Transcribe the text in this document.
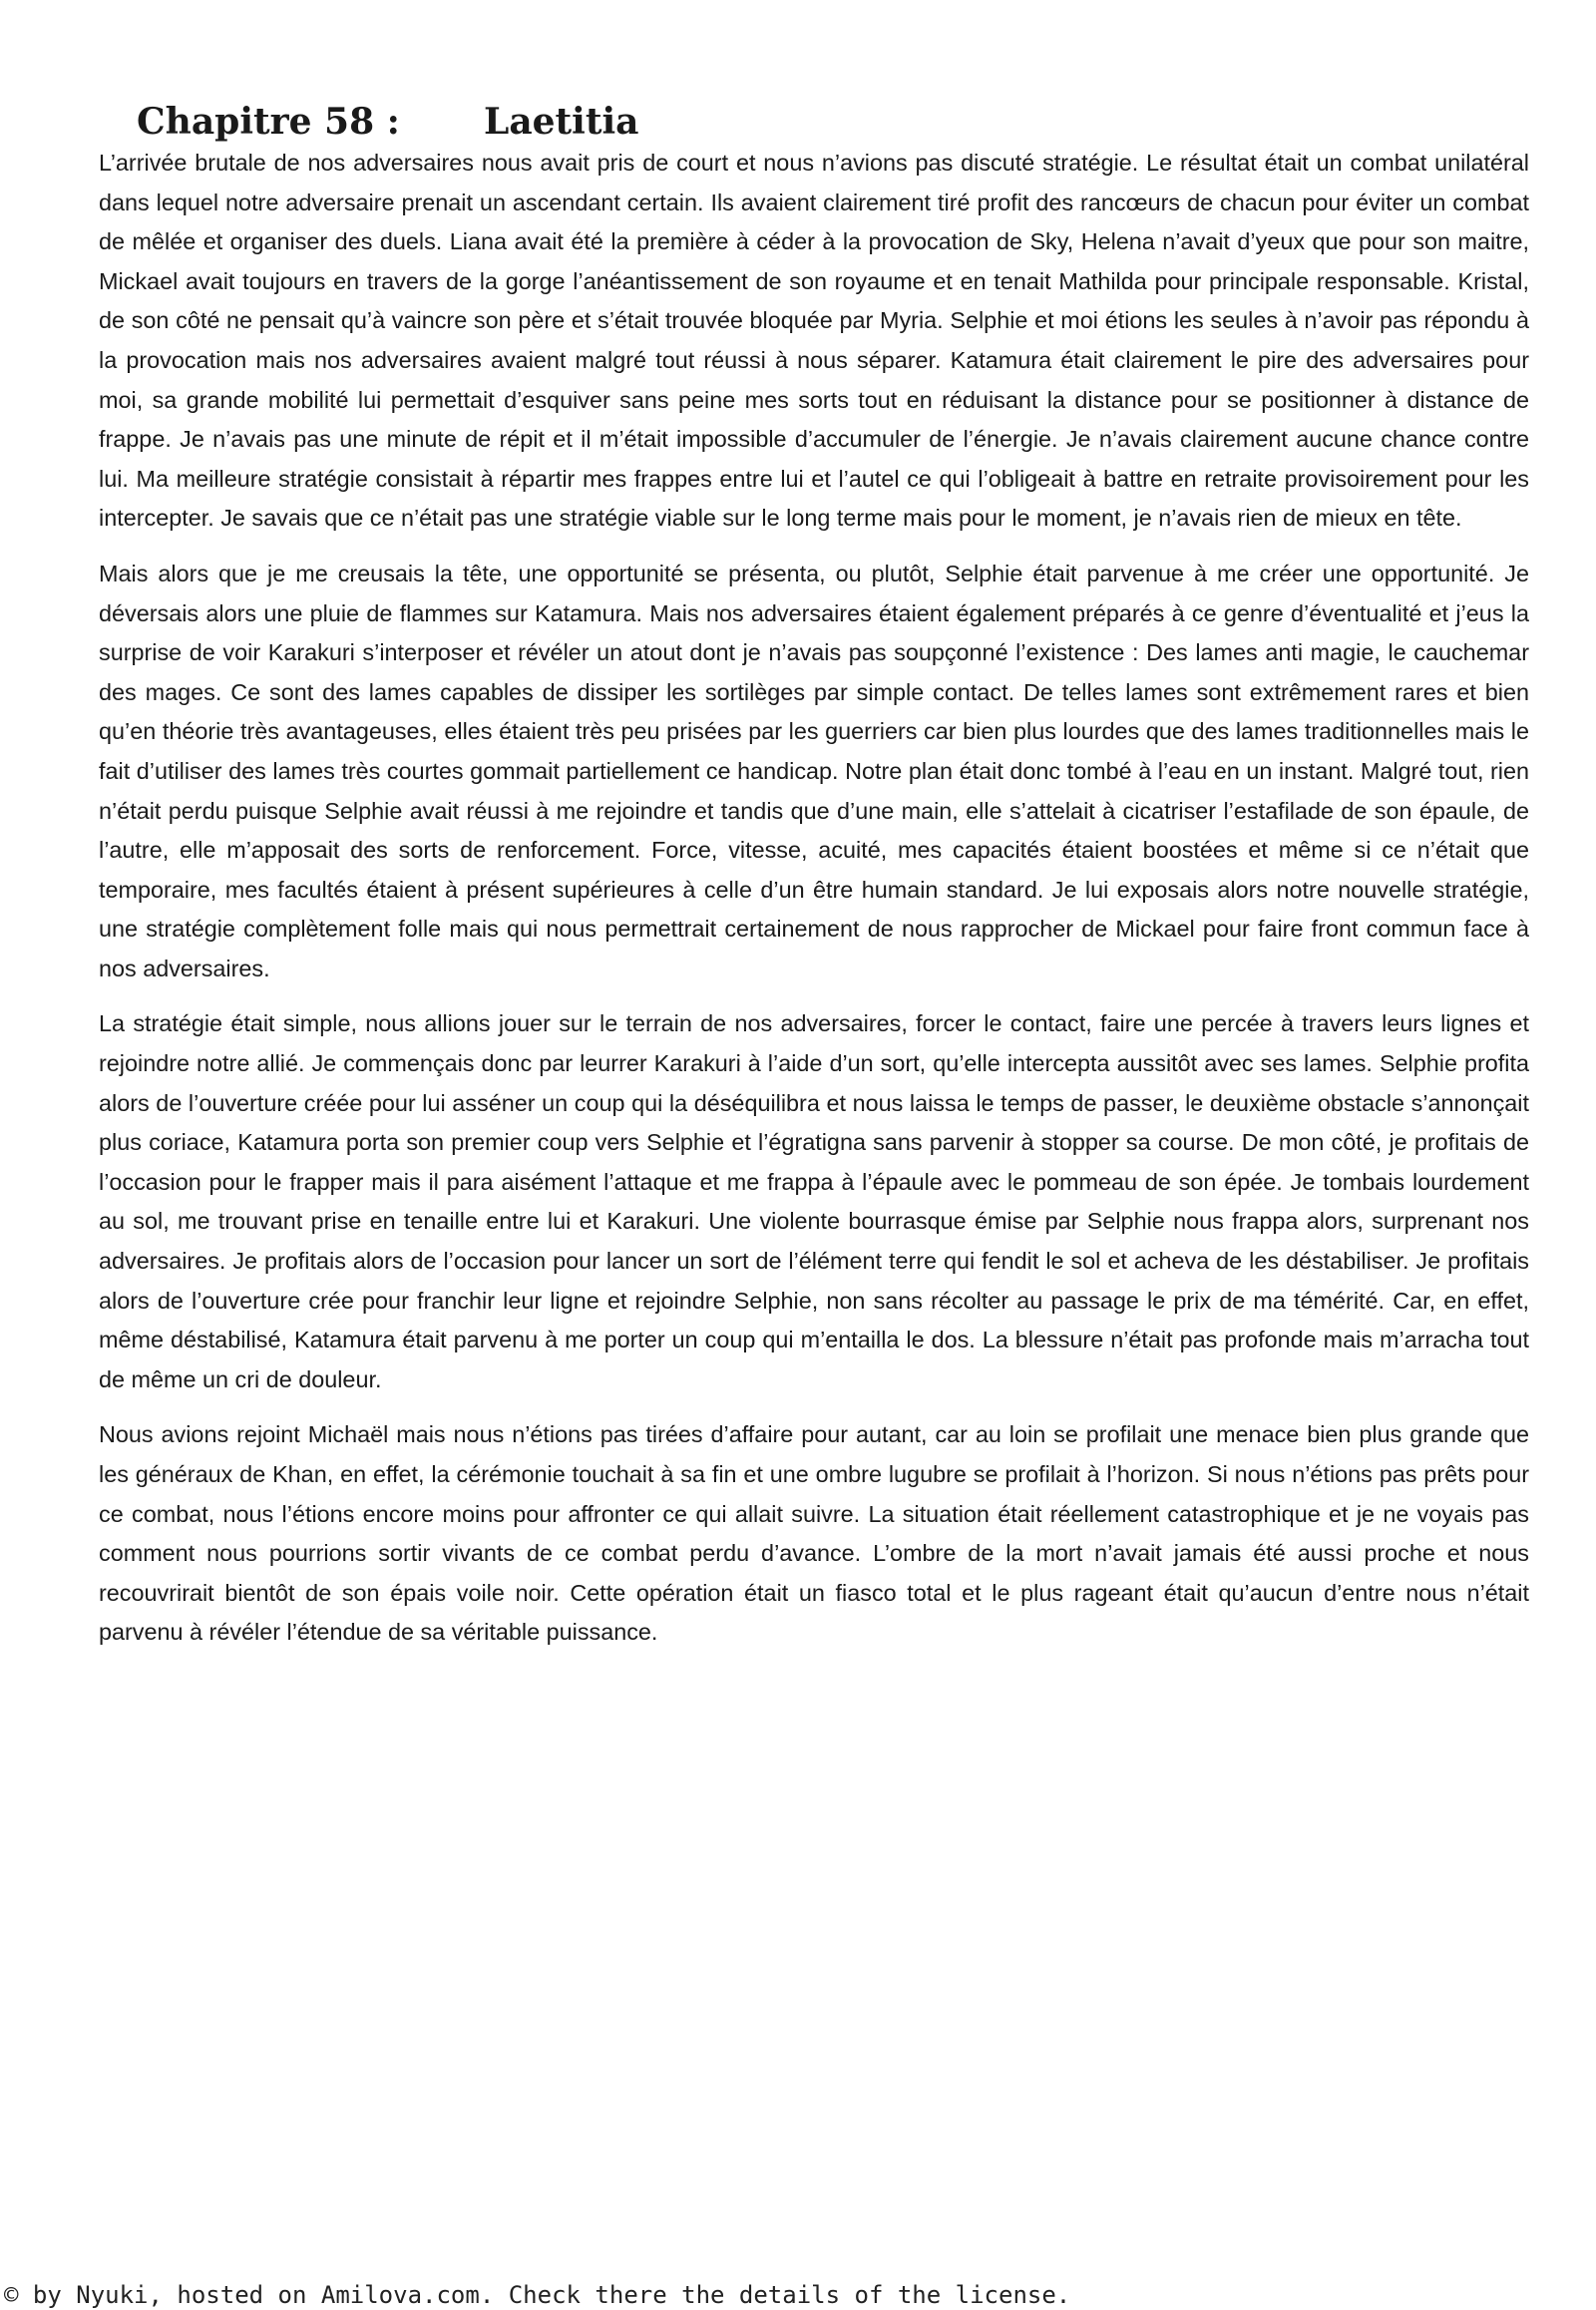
Chapitre 58 : Laetitia

L’arrivée brutale de nos adversaires nous avait pris de court et nous n’avions pas discuté stratégie. Le résultat était un combat unilatéral dans lequel notre adversaire prenait un ascendant certain. Ils avaient clairement tiré profit des rancœurs de chacun pour éviter un combat de mêlée et organiser des duels. Liana avait été la première à céder à la provocation de Sky, Helena n’avait d’yeux que pour son maitre, Mickael avait toujours en travers de la gorge l’anéantissement de son royaume et en tenait Mathilda pour principale responsable. Kristal, de son côté ne pensait qu’à vaincre son père et s’était trouvée bloquée par Myria. Selphie et moi étions les seules à n’avoir pas répondu à la provocation mais nos adversaires avaient malgré tout réussi à nous séparer. Katamura était clairement le pire des adversaires pour moi, sa grande mobilité lui permettait d’esquiver sans peine mes sorts tout en réduisant la distance pour se positionner à distance de frappe. Je n’avais pas une minute de répit et il m’était impossible d’accumuler de l’énergie. Je n’avais clairement aucune chance contre lui. Ma meilleure stratégie consistait à répartir mes frappes entre lui et l’autel ce qui l’obligeait à battre en retraite provisoirement pour les intercepter. Je savais que ce n’était pas une stratégie viable sur le long terme mais pour le moment, je n’avais rien de mieux en tête.

Mais alors que je me creusais la tête, une opportunité se présenta, ou plutôt, Selphie était parvenue à me créer une opportunité. Je déversais alors une pluie de flammes sur Katamura. Mais nos adversaires étaient également préparés à ce genre d’éventualité et j’eus la surprise de voir Karakuri s’interposer et révéler un atout dont je n’avais pas soupçonné l’existence : Des lames anti magie, le cauchemar des mages. Ce sont des lames capables de dissiper les sortilèges par simple contact. De telles lames sont extrêmement rares et bien qu’en théorie très avantageuses, elles étaient très peu prisées par les guerriers car bien plus lourdes que des lames traditionnelles mais le fait d’utiliser des lames très courtes gommait partiellement ce handicap. Notre plan était donc tombé à l’eau en un instant. Malgré tout, rien n’était perdu puisque Selphie avait réussi à me rejoindre et tandis que d’une main, elle s’attelait à cicatriser l’estafilade de son épaule, de l’autre, elle m’apposait des sorts de renforcement. Force, vitesse, acuité, mes capacités étaient boostées et même si ce n’était que temporaire, mes facultés étaient à présent supérieures à celle d’un être humain standard. Je lui exposais alors notre nouvelle stratégie, une stratégie complètement folle mais qui nous permettrait certainement de nous rapprocher de Mickael pour faire front commun face à nos adversaires.

La stratégie était simple, nous allions jouer sur le terrain de nos adversaires, forcer le contact, faire une percée à travers leurs lignes et rejoindre notre allié. Je commençais donc par leurrer Karakuri à l’aide d’un sort, qu’elle intercepta aussitôt avec ses lames. Selphie profita alors de l’ouverture créée pour lui asséner un coup qui la déséquilibra et nous laissa le temps de passer, le deuxième obstacle s’annonçait plus coriace, Katamura porta son premier coup vers Selphie et l’égratigna sans parvenir à stopper sa course. De mon côté, je profitais de l’occasion pour le frapper mais il para aisément l’attaque et me frappa à l’épaule avec le pommeau de son épée. Je tombais lourdement au sol, me trouvant prise en tenaille entre lui et Karakuri. Une violente bourrasque émise par Selphie nous frappa alors, surprenant nos adversaires. Je profitais alors de l’occasion pour lancer un sort de l’élément terre qui fendit le sol et acheva de les déstabiliser. Je profitais alors de l’ouverture crée pour franchir leur ligne et rejoindre Selphie, non sans récolter au passage le prix de ma témérité. Car, en effet, même déstabilisé, Katamura était parvenu à me porter un coup qui m’entailla le dos. La blessure n’était pas profonde mais m’arracha tout de même un cri de douleur.

Nous avions rejoint Michaël mais nous n’étions pas tirées d’affaire pour autant, car au loin se profilait une menace bien plus grande que les généraux de Khan, en effet, la cérémonie touchait à sa fin et une ombre lugubre se profilait à l’horizon. Si nous n’étions pas prêts pour ce combat, nous l’étions encore moins pour affronter ce qui allait suivre. La situation était réellement catastrophique et je ne voyais pas comment nous pourrions sortir vivants de ce combat perdu d’avance. L’ombre de la mort n’avait jamais été aussi proche et nous recouvrirait bientôt de son épais voile noir. Cette opération était un fiasco total et le plus rageant était qu’aucun d’entre nous n’était parvenu à révéler l’étendue de sa véritable puissance.

© by Nyuki, hosted on Amilova.com. Check there the details of the license.
